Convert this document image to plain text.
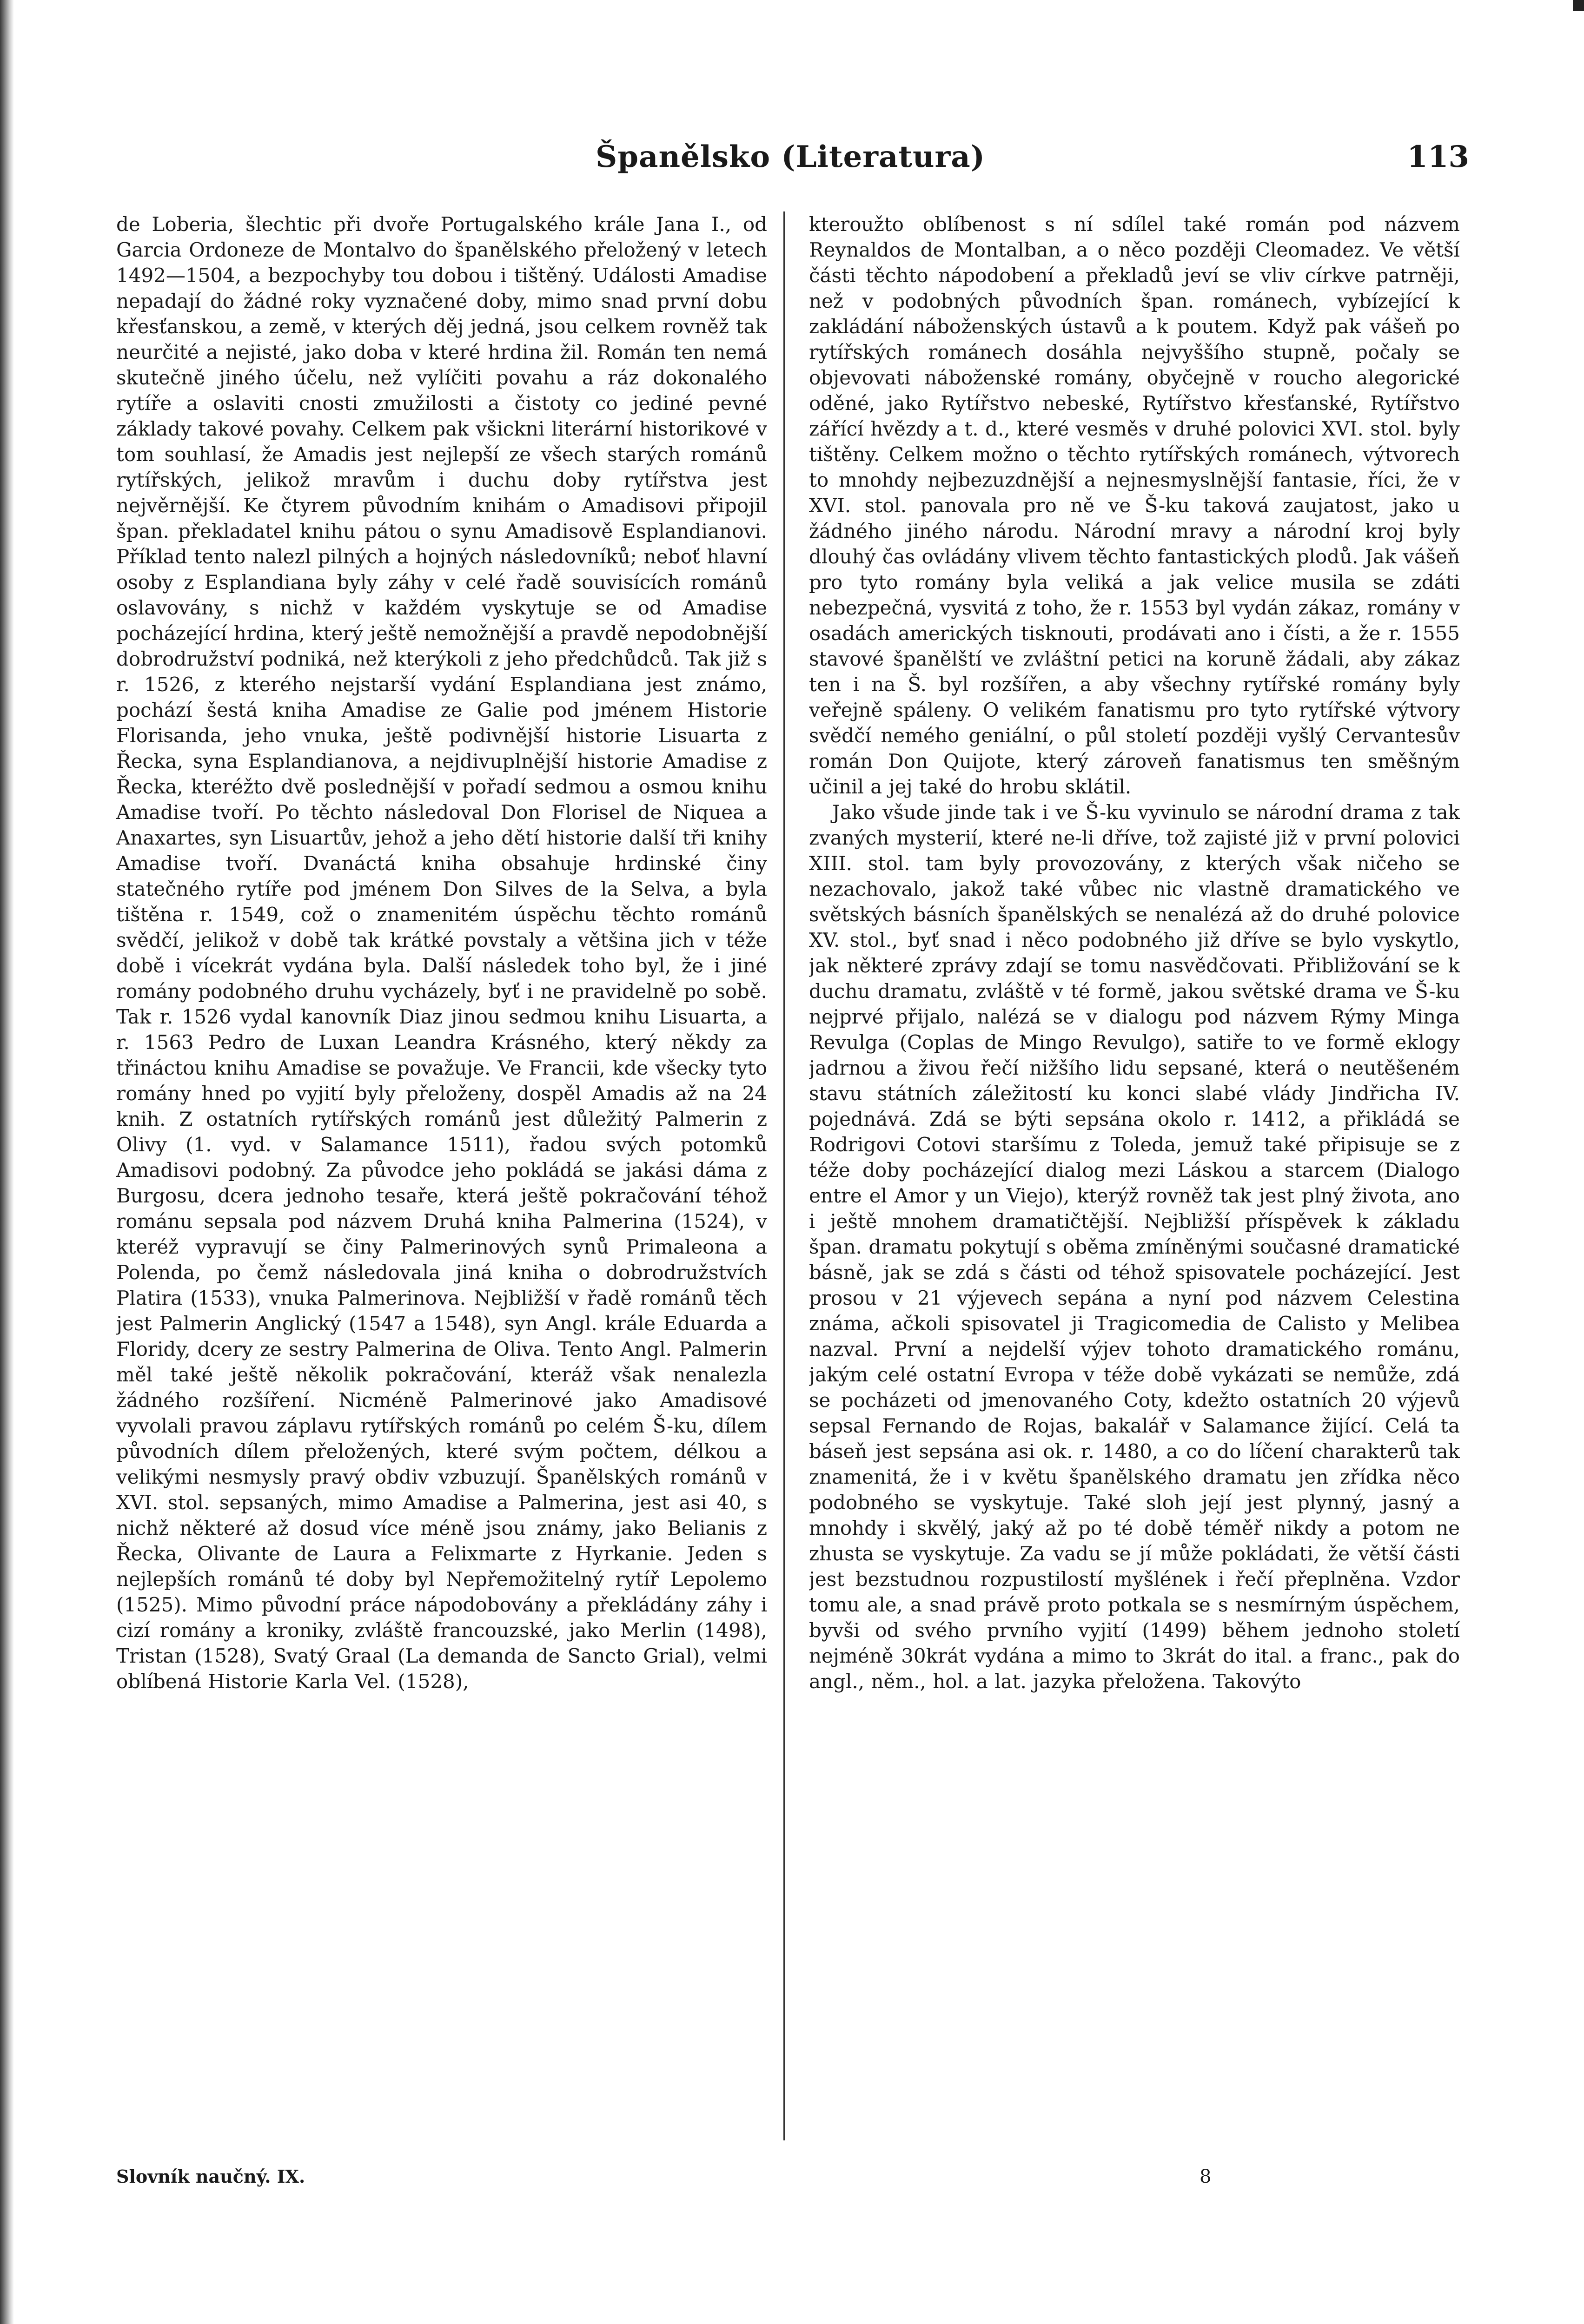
Španělsko (Literatura)	113

de Loberia, šlechtic při dvoře Portugalského krále Jana I., od Garcia Ordoneze de Montalvo do španělského přeložený v letech 1492—1504, a bezpochyby tou dobou i tištěný. Události Amadise nepadají do žádné roky vyznačené doby, mimo snad první dobu křesťanskou, a země, v kterých děj jedná, jsou celkem rovněž tak neurčité a nejisté, jako doba v které hrdina žil. Román ten nemá skutečně jiného účelu, než vylíčiti povahu a ráz dokonalého rytíře a oslaviti cnosti zmužilosti a čistoty co jediné pevné základy takové povahy. Celkem pak všickni literární historikové v tom souhlasí, že Amadis jest nejlepší ze všech starých románů rytířských, jelikož mravům i duchu doby rytířstva jest nejvěrnější. Ke čtyrem původním knihám o Amadisovi připojil špan. překladatel knihu pátou o synu Amadisově Esplandianovi. Příklad tento nalezl pilných a hojných následovníků; neboť hlavní osoby z Esplandiana byly záhy v celé řadě souvisících románů oslavovány, s nichž v každém vyskytuje se od Amadise pocházející hrdina, který ještě nemožnější a pravdě nepodobnější dobrodružství podniká, než kterýkoli z jeho předchůdců. Tak již s r. 1526, z kterého nejstarší vydání Esplandiana jest známo, pochází šestá kniha Amadise ze Galie pod jménem Historie Florisanda, jeho vnuka, ještě podivnější historie Lisuarta z Řecka, syna Esplandianova, a nejdivuplnější historie Amadise z Řecka, kteréžto dvě poslednější v pořadí sedmou a osmou knihu Amadise tvoří. Po těchto následoval Don Florisel de Niquea a Anaxartes, syn Lisuartův, jehož a jeho dětí historie další tři knihy Amadise tvoří. Dvanáctá kniha obsahuje hrdinské činy statečného rytíře pod jménem Don Silves de la Selva, a byla tištěna r. 1549, což o znamenitém úspěchu těchto románů svědčí, jelikož v době tak krátké povstaly a většina jich v téže době i vícekrát vydána byla. Další následek toho byl, že i jiné romány podobného druhu vycházely, byť i ne pravidelně po sobě. Tak r. 1526 vydal kanovník Diaz jinou sedmou knihu Lisuarta, a r. 1563 Pedro de Luxan Leandra Krásného, který někdy za třináctou knihu Amadise se považuje. Ve Francii, kde všecky tyto romány hned po vyjití byly přeloženy, dospěl Amadis až na 24 knih. Z ostatních rytířských románů jest důležitý Palmerin z Olivy (1. vyd. v Salamance 1511), řadou svých potomků Amadisovi podobný. Za původce jeho pokládá se jakási dáma z Burgosu, dcera jednoho tesaře, která ještě pokračování téhož románu sepsala pod názvem Druhá kniha Palmerina (1524), v kteréž vypravují se činy Palmerinových synů Primaleona a Polenda, po čemž následovala jiná kniha o dobrodružstvích Platira (1533), vnuka Palmerinova. Nejbližší v řadě románů těch jest Palmerin Anglický (1547 a 1548), syn Angl. krále Eduarda a Floridy, dcery ze sestry Palmerina de Oliva. Tento Angl. Palmerin měl také ještě několik pokračování, kteráž však nenalezla žádného rozšíření. Nicméně Palmerinové jako Amadisové vyvolali pravou záplavu rytířských románů po celém Š-ku, dílem původních dílem přeložených, které svým počtem, délkou a velikými nesmysly pravý obdiv vzbuzují. Španělských románů v XVI. stol. sepsaných, mimo Amadise a Palmerina, jest asi 40, s nichž některé až dosud více méně jsou známy, jako Belianis z Řecka, Olivante de Laura a Felixmarte z Hyrkanie. Jeden s nejlepších románů té doby byl Nepřemožitelný rytíř Lepolemo (1525). Mimo původní práce nápodobovány a překládány záhy i cizí romány a kroniky, zvláště francouzské, jako Merlin (1498), Tristan (1528), Svatý Graal (La demanda de Sancto Grial), velmi oblíbená Historie Karla Vel. (1528),

kteroužto oblíbenost s ní sdílel také román pod názvem Reynaldos de Montalban, a o něco později Cleomadez. Ve větší části těchto nápodobení a překladů jeví se vliv církve patrněji, než v podobných původních špan. románech, vybízející k zakládání náboženských ústavů a k poutem. Když pak vášeň po rytířských románech dosáhla nejvyššího stupně, počaly se objevovati náboženské romány, obyčejně v roucho alegorické oděné, jako Rytířstvo nebeské, Rytířstvo křesťanské, Rytířstvo zářící hvězdy a t. d., které vesměs v druhé polovici XVI. stol. byly tištěny. Celkem možno o těchto rytířských románech, výtvorech to mnohdy nejbezuzdnější a nejnesmyslnější fantasie, říci, že v XVI. stol. panovala pro ně ve Š-ku taková zaujatost, jako u žádného jiného národu. Národní mravy a národní kroj byly dlouhý čas ovládány vlivem těchto fantastických plodů. Jak vášeň pro tyto romány byla veliká a jak velice musila se zdáti nebezpečná, vysvitá z toho, že r. 1553 byl vydán zákaz, romány v osadách amerických tisknouti, prodávati ano i čísti, a že r. 1555 stavové španělští ve zvláštní petici na koruně žádali, aby zákaz ten i na Š. byl rozšířen, a aby všechny rytířské romány byly veřejně spáleny. O velikém fanatismu pro tyto rytířské výtvory svědčí nemého geniální, o půl století později vyšlý Cervantesův román Don Quijote, který zároveň fanatismus ten směšným učinil a jej také do hrobu sklátil.

Jako všude jinde tak i ve Š-ku vyvinulo se národní drama z tak zvaných mysterií, které ne-li dříve, tož zajisté již v první polovici XIII. stol. tam byly provozovány, z kterých však ničeho se nezachovalo, jakož také vůbec nic vlastně dramatického ve světských básních španělských se nenalézá až do druhé polovice XV. stol., byť snad i něco podobného již dříve se bylo vyskytlo, jak některé zprávy zdají se tomu nasvědčovati. Přibližování se k duchu dramatu, zvláště v té formě, jakou světské drama ve Š-ku nejprvé přijalo, nalézá se v dialogu pod názvem Rýmy Minga Revulga (Coplas de Mingo Revulgo), satiře to ve formě eklogy jadrnou a živou řečí nižšího lidu sepsané, která o neutěšeném stavu státních záležitostí ku konci slabé vlády Jindřicha IV. pojednává. Zdá se býti sepsána okolo r. 1412, a přikládá se Rodrigovi Cotovi staršímu z Toleda, jemuž také připisuje se z téže doby pocházející dialog mezi Láskou a starcem (Dialogo entre el Amor y un Viejo), kterýž rovněž tak jest plný života, ano i ještě mnohem dramatičtější. Nejbližší příspěvek k základu špan. dramatu pokytují s oběma zmíněnými současné dramatické básně, jak se zdá s části od téhož spisovatele pocházející. Jest prosou v 21 výjevech sepána a nyní pod názvem Celestina známa, ačkoli spisovatel ji Tragicomedia de Calisto y Melibea nazval. První a nejdelší výjev tohoto dramatického románu, jakým celé ostatní Evropa v téže době vykázati se nemůže, zdá se pocházeti od jmenovaného Coty, kdežto ostatních 20 výjevů sepsal Fernando de Rojas, bakalář v Salamance žijící. Celá ta báseň jest sepsána asi ok. r. 1480, a co do líčení charakterů tak znamenitá, že i v květu španělského dramatu jen zřídka něco podobného se vyskytuje. Také sloh její jest plynný, jasný a mnohdy i skvělý, jaký až po té době téměř nikdy a potom ne zhusta se vyskytuje. Za vadu se jí může pokládati, že větší části jest bezstudnou rozpustilostí myšlének i řečí přeplněna. Vzdor tomu ale, a snad právě proto potkala se s nesmírným úspěchem, byvši od svého prvního vyjití (1499) během jednoho století nejméně 30krát vydána a mimo to 3krát do ital. a franc., pak do angl., něm., hol. a lat. jazyka přeložena. Takovýto

Slovník naučný. IX.	8
